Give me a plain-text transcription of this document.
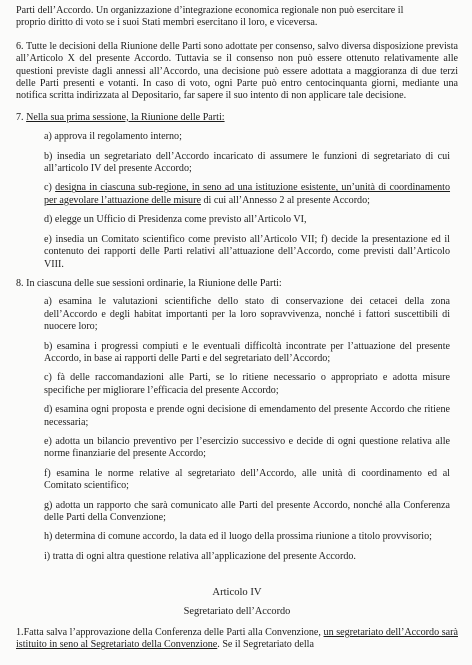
Parti dell’Accordo. Un organizzazione d’integrazione economica regionale non può esercitare il
proprio diritto di voto se i suoi Stati membri esercitano il loro, e viceversa.

6. Tutte le decisioni della Riunione delle Parti sono adottate per consenso, salvo diversa disposizione prevista all’Articolo X del presente Accordo. Tuttavia se il consenso non può essere ottenuto relativamente alle questioni previste dagli annessi all’Accordo, una decisione può essere adottata a maggioranza di due terzi delle Parti presenti e votanti. In caso di voto, ogni Parte può entro centocinquanta giorni, mediante una notifica scritta indirizzata al Depositario, far sapere il suo intento di non applicare tale decisione.

7. Nella sua prima sessione, la Riunione delle Parti:

a) approva il regolamento interno;
b) insedia un segretariato dell’Accordo incaricato di assumere le funzioni di segretariato di cui all’articolo IV del presente Accordo;
c) designa in ciascuna sub-regione, in seno ad una istituzione esistente, un’unità di coordinamento per agevolare l’attuazione delle misure di cui all’Annesso 2 al presente Accordo;
d) elegge un Ufficio di Presidenza come previsto all’Articolo VI,
e) insedia un Comitato scientifico come previsto all’Articolo VII; f) decide la presentazione ed il contenuto dei rapporti delle Parti relativi all’attuazione dell’Accordo, come previsti dall’Articolo VIII.

8. In ciascuna delle sue sessioni ordinarie, la Riunione delle Parti:

a) esamina le valutazioni scientifiche dello stato di conservazione dei cetacei della zona dell’Accordo e degli habitat importanti per la loro sopravvivenza, nonché i fattori suscettibili di nuocere loro;
b) esamina i progressi compiuti e le eventuali difficoltà incontrate per l’attuazione del presente Accordo, in base ai rapporti delle Parti e del segretariato dell’Accordo;
c) fà delle raccomandazioni alle Parti, se lo ritiene necessario o appropriato e adotta misure specifiche per migliorare l’efficacia del presente Accordo;
d) esamina ogni proposta e prende ogni decisione di emendamento del presente Accordo che ritiene necessaria;
e) adotta un bilancio preventivo per l’esercizio successivo e decide di ogni questione relativa alle norme finanziarie del presente Accordo;
f) esamina le norme relative al segretariato dell’Accordo, alle unità di coordinamento ed al Comitato scientifico;
g) adotta un rapporto che sarà comunicato alle Parti del presente Accordo, nonché alla Conferenza delle Parti della Convenzione;
h) determina di comune accordo, la data ed il luogo della prossima riunione a titolo provvisorio;
i) tratta di ogni altra questione relativa all’applicazione del presente Accordo.
Articolo IV
Segretariato dell’Accordo

1.Fatta salva l’approvazione della Conferenza delle Parti alla Convenzione, un segretariato dell’Accordo sarà istituito in seno al Segretariato della Convenzione. Se il Segretariato della
